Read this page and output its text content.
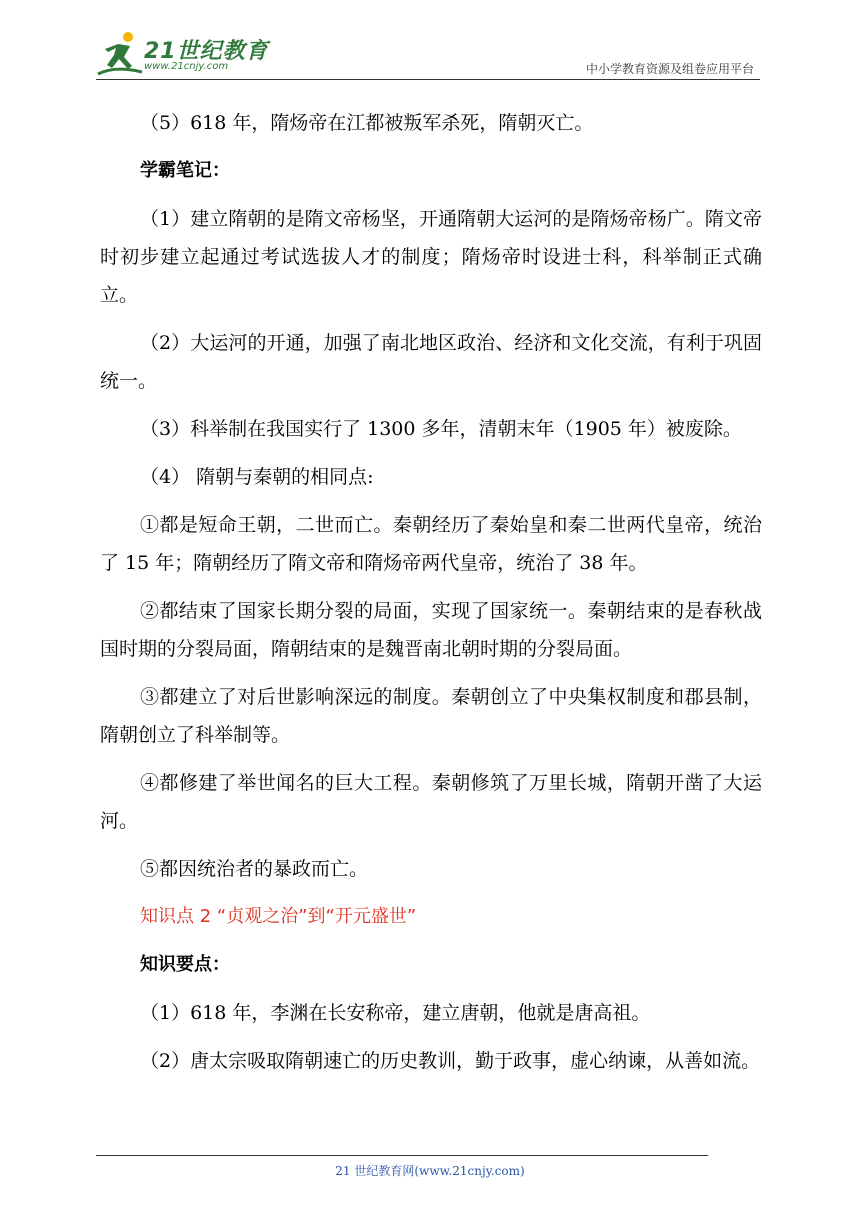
21世纪教育
www.21cnjy.com	中小学教育资源及组卷应用平台

（5）618 年，隋炀帝在江都被叛军杀死，隋朝灭亡。

学霸笔记：

（1）建立隋朝的是隋文帝杨坚，开通隋朝大运河的是隋炀帝杨广。隋文帝时初步建立起通过考试选拔人才的制度；隋炀帝时设进士科，科举制正式确立。

（2）大运河的开通，加强了南北地区政治、经济和文化交流，有利于巩固统一。

（3）科举制在我国实行了 1300 多年，清朝末年（1905 年）被废除。

（4） 隋朝与秦朝的相同点:

①都是短命王朝，二世而亡。秦朝经历了秦始皇和秦二世两代皇帝，统治了 15 年；隋朝经历了隋文帝和隋炀帝两代皇帝，统治了 38 年。

②都结束了国家长期分裂的局面，实现了国家统一。秦朝结束的是春秋战国时期的分裂局面，隋朝结束的是魏晋南北朝时期的分裂局面。

③都建立了对后世影响深远的制度。秦朝创立了中央集权制度和郡县制，隋朝创立了科举制等。

④都修建了举世闻名的巨大工程。秦朝修筑了万里长城，隋朝开凿了大运河。

⑤都因统治者的暴政而亡。

知识点 2 “贞观之治”到“开元盛世”

知识要点：

（1）618 年，李渊在长安称帝，建立唐朝，他就是唐高祖。

（2）唐太宗吸取隋朝速亡的历史教训，勤于政事，虚心纳谏，从善如流。

21 世纪教育网(www.21cnjy.com)
